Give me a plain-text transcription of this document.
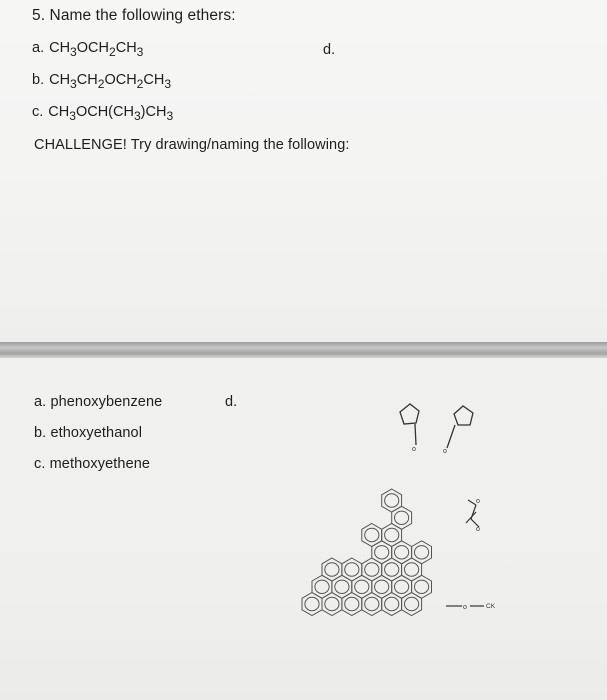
5. Name the following ethers:
a. $CH_3OCH_2CH_3$	d.
b. $CH_3CH_2OCH_2CH_3$
c. $CH_3OCH(CH_3)CH_3$
CHALLENGE! Try drawing/naming the following:
a. phenoxybenzene	d.
b. ethoxyethanol
c. methoxyethene
o	o
o
o
o	CK
